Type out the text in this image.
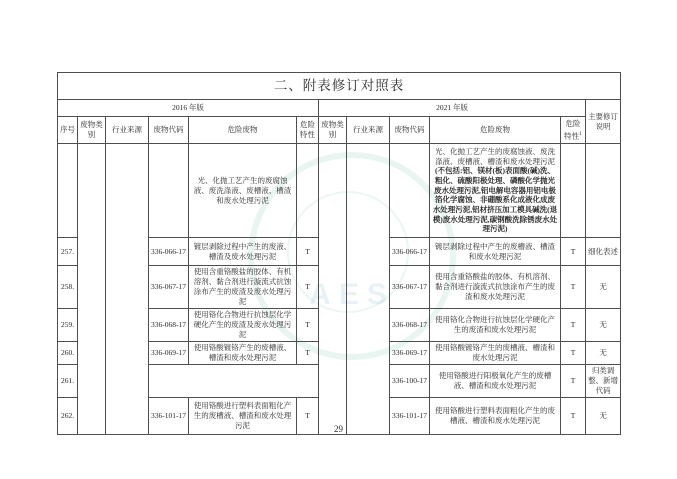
AES
二、附表修订对照表											
2016 年版						2021 年版					主要修订说明
序号	废物类别	行业来源	废物代码	危险废物	危险特性	废物类别	行业来源	废物代码	危险废物	危险特性$^1$
				光、化抛工艺产生的废腐蚀液、废洗涤液、废槽液、槽渣和废水处理污泥					光、化抛工艺产生的废腐蚀液、废洗涤液、废槽液、槽渣和废水处理污泥(不包括:铝、镁材(板)表面酸(碱)洗、粗化、硫酸阳极处理、磷酸化学抛光废水处理污泥,铝电解电容器用铝电极箔化学腐蚀、非硼酸系化成液化成废水处理污泥,铝材挤压加工模具碱洗(退模)废水处理污泥,碳钢酸洗除锈废水处理污泥)		
257.			336-066-17	镀层剥除过程中产生的废液、槽渣及废水处理污泥	T			336-066-17	镀层剥除过程中产生的废槽液、槽渣和废水处理污泥	T	细化表述
258.			336-067-17	使用含重铬酸盐的胶体、有机溶剂、黏合剂进行漩流式抗蚀涂布产生的废渣及废水处理污泥	T			336-067-17	使用含重铬酸盐的胶体、有机溶剂、黏合剂进行漩流式抗蚀涂布产生的废渣和废水处理污泥	T	无
259.			336-068-17	使用铬化合物进行抗蚀层化学硬化产生的废渣及废水处理污泥	T			336-068-17	使用铬化合物进行抗蚀层化学硬化产生的废渣和废水处理污泥	T	无
260.			336-069-17	使用铬酸镀铬产生的废槽液、槽渣和废水处理污泥	T			336-069-17	使用铬酸镀铬产生的废槽液、槽渣和废水处理污泥	T	无
261.								336-100-17	使用铬酸进行阳极氧化产生的废槽液、槽渣和废水处理污泥	T	归类调整、新增代码
262.			336-101-17	使用铬酸进行塑料表面粗化产生的废槽液、槽渣和废水处理污泥	T			336-101-17	使用铬酸进行塑料表面粗化产生的废槽液、槽渣和废水处理污泥	T	无
29
